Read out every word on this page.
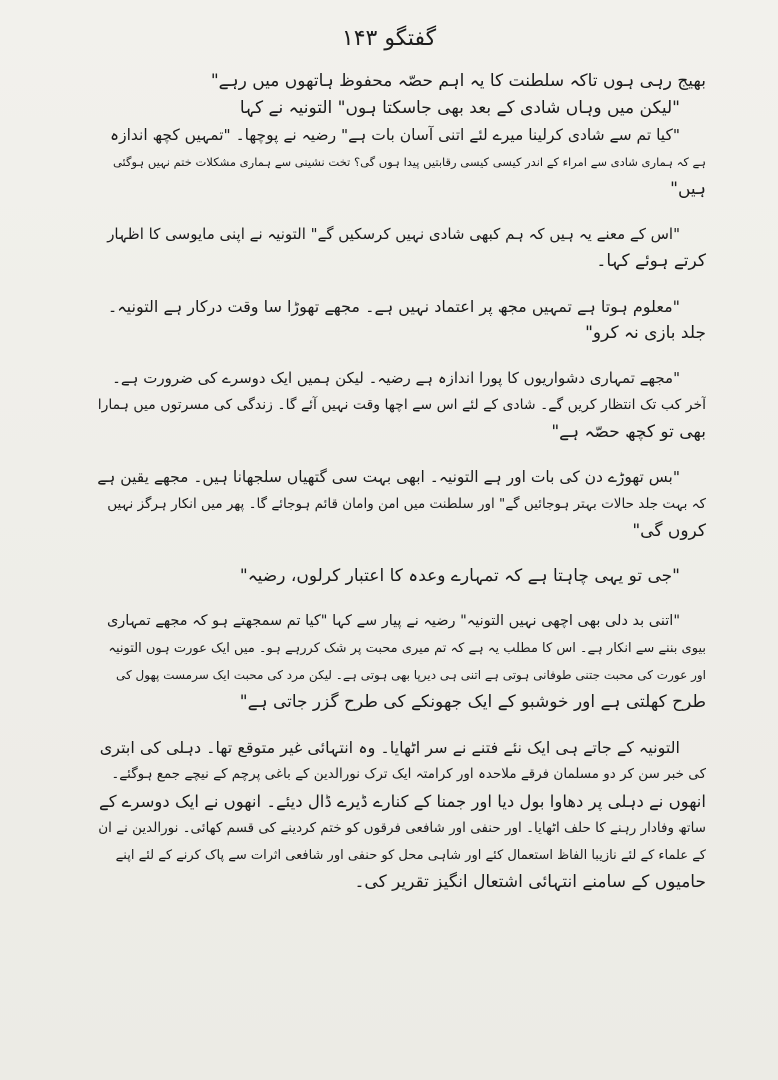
گفتگو ۱۴۳
بھیج رہی ہوں تاکہ سلطنت کا یہ اہم حصّہ محفوظ ہاتھوں میں رہے"
"لیکن میں وہاں شادی کے بعد بھی جاسکتا ہوں" التونیہ نے کہا
"کیا تم سے شادی کرلینا میرے لئے اتنی آسان بات ہے" رضیہ نے پوچھا۔ "تمہیں کچھ اندازہ
ہے کہ ہماری شادی سے امراء کے اندر کیسی کیسی رقابتیں پیدا ہوں گی؟ تخت نشینی سے ہماری مشکلات ختم نہیں ہوگئی
ہیں"
"اس کے معنے یہ ہیں کہ ہم کبھی شادی نہیں کرسکیں گے" التونیہ نے اپنی مایوسی کا اظہار
کرتے ہوئے کہا۔
"معلوم ہوتا ہے تمہیں مجھ پر اعتماد نہیں ہے۔ مجھے تھوڑا سا وقت درکار ہے التونیہ۔
جلد بازی نہ کرو"
"مجھے تمہاری دشواریوں کا پورا اندازہ ہے رضیہ۔ لیکن ہمیں ایک دوسرے کی ضرورت ہے۔
آخر کب تک انتظار کریں گے۔ شادی کے لئے اس سے اچھا وقت نہیں آئے گا۔ زندگی کی مسرتوں میں ہمارا
بھی تو کچھ حصّہ ہے"
"بس تھوڑے دن کی بات اور ہے التونیہ۔ ابھی بہت سی گتھیاں سلجھانا ہیں۔ مجھے یقین ہے
کہ بہت جلد حالات بہتر ہوجائیں گے" اور سلطنت میں امن وامان قائم ہوجائے گا۔ پھر میں انکار ہرگز نہیں
کروں گی"
"جی تو یہی چاہتا ہے کہ تمہارے وعدہ کا اعتبار کرلوں، رضیہ"
"اتنی بد دلی بھی اچھی نہیں التونیہ" رضیہ نے پیار سے کہا "کیا تم سمجھتے ہو کہ مجھے تمہاری
بیوی بننے سے انکار ہے۔ اس کا مطلب یہ ہے کہ تم میری محبت پر شک کررہے ہو۔ میں ایک عورت ہوں التونیہ
اور عورت کی محبت جتنی طوفانی ہوتی ہے اتنی ہی دیرپا بھی ہوتی ہے۔ لیکن مرد کی محبت ایک سرمست پھول کی
طرح کھلتی ہے اور خوشبو کے ایک جھونکے کی طرح گزر جاتی ہے"
التونیہ کے جاتے ہی ایک نئے فتنے نے سر اٹھایا۔ وہ انتہائی غیر متوقع تھا۔ دہلی کی ابتری
کی خبر سن کر دو مسلمان فرقے ملاحدہ اور کرامتہ ایک ترک نورالدین کے باغی پرچم کے نیچے جمع ہوگئے۔
انھوں نے دہلی پر دھاوا بول دیا اور جمنا کے کنارے ڈیرے ڈال دیئے۔ انھوں نے ایک دوسرے کے
ساتھ وفادار رہنے کا حلف اٹھایا۔ اور حنفی اور شافعی فرقوں کو ختم کردینے کی قسم کھائی۔ نورالدین نے ان
کے علماء کے لئے نازیبا الفاظ استعمال کئے اور شاہی محل کو حنفی اور شافعی اثرات سے پاک کرنے کے لئے اپنے
حامیوں کے سامنے انتہائی اشتعال انگیز تقریر کی۔
